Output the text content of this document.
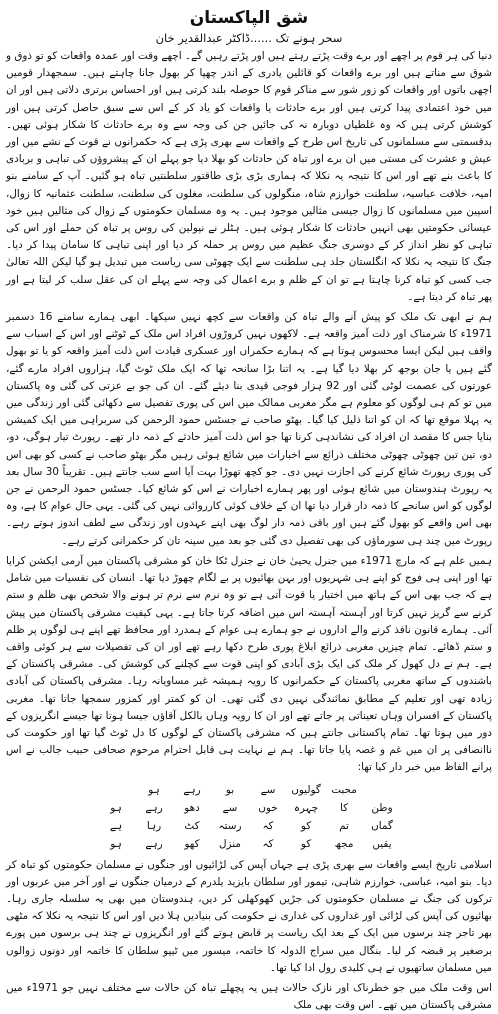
شق الپاکستان
سحر ہونے تک ......ڈاکٹر عبدالقدیر خان

دنیا کی ہر قوم پر اچھے اور برے وقت پڑتے رہتے ہیں اور پڑتے رہیں گے۔ اچھے وقت اور عمدہ واقعات کو تو ذوق و شوق سے مناتے ہیں اور برے واقعات کو قائلین یادری کے اندر چھپا کر بھول جانا چاہتے ہیں۔ سمجھدار قومیں اچھی باتوں اور واقعات کو زور شور سے مناکر قوم کا حوصلہ بلند کرتی ہیں اور احساس برتری دلاتی ہیں اور ان میں خود اعتمادی پیدا کرتی ہیں اور برے حادثات یا واقعات کو یاد کر کے اس سے سبق حاصل کرتی ہیں اور کوشش کرتی ہیں کہ وہ غلطیاں دوبارہ نہ کی جائیں جن کی وجہ سے وہ برے حادثات کا شکار ہوئی تھیں۔ بدقسمتی سے مسلمانوں کی تاریخ اس طرح کے واقعات سے بھری پڑی ہے کہ حکمرانوں نے قوت کے نشے میں اور عیش و عشرت کی مستی میں ان برے اور تباہ کن حادثات کو بھلا دیا جو پہلے ان کے پیشروؤں کی تباہی و بربادی کا باعث بنے تھے اور اس کا نتیجہ یہ نکلا کہ ہماری بڑی بڑی طاقتور سلطنتیں تباہ ہو گئیں۔ آپ کے سامنے بنو امیہ، خلافت عباسیہ، سلطنت خوارزم شاہ، منگولوں کی سلطنت، مغلوں کی سلطنت، سلطنت عثمانیہ کا زوال، اسپین میں مسلمانوں کا زوال جیسی مثالیں موجود ہیں۔ یہ وہ مسلمان حکومتوں کے زوال کی مثالیں ہیں خود عیسائی حکومتیں بھی انہیں حادثات کا شکار ہوئی ہیں۔ ہٹلر نے نپولین کی روس پر تباہ کن حملے اور اس کی تباہی کو نظر انداز کر کے دوسری جنگ عظیم میں روس پر حملہ کر دیا اور اپنی تباہی کا سامان پیدا کر دیا۔ جنگ کا نتیجہ یہ نکلا کہ انگلستان جلد ہی سلطنت سے ایک چھوٹی سی ریاست میں تبدیل ہو گیا لیکن اللہ تعالیٰ جب کسی کو تباہ کرنا چاہتا ہے تو ان کے ظلم و برے اعمال کی وجہ سے پہلے ان کی عقل سلب کر لیتا ہے اور پھر تباہ کر دیتا ہے۔

ہم نے ابھی تک ملک کو پیش آنے والے تباہ کن واقعات سے کچھ نہیں سیکھا۔ ابھی ہمارے سامنے 16 دسمبر 1971ء کا شرمناک اور ذلت آمیز واقعہ ہے۔ لاکھوں نہیں کروڑوں افراد اس ملک کے ٹوٹنے اور اس کے اسباب سے واقف ہیں لیکن ایسا محسوس ہوتا ہے کہ ہمارے حکمراں اور عسکری قیادت اس ذلت آمیز واقعہ کو یا تو بھول گئے ہیں یا جان بوجھ کر بھلا دیا گیا ہے۔ یہ اتنا بڑا سانحہ تھا کہ ایک ملک ٹوٹ گیا، ہزاروں افراد مارے گئے، عورتوں کی عصمت لوٹی گئی اور 92 ہزار فوجی قیدی بنا دیئے گئے۔ ان کی جو بے عزتی کی گئی وہ پاکستان میں تو کم ہی لوگوں کو معلوم ہے مگر مغربی ممالک میں اس کی پوری تفصیل سے دکھائی گئی اور زندگی میں یہ پہلا موقع تھا کہ ان کو اتنا ذلیل کیا گیا۔ بھٹو صاحب نے جسٹس حمود الرحمن کی سربراہی میں ایک کمیشن بنایا جس کا مقصد ان افراد کی نشاندہی کرنا تھا جو اس ذلت آمیز حادثے کے ذمہ دار تھے۔ رپورٹ تیار ہوگی، دو، دو، تین تین چھوٹی چھوٹی مختلف ذرائع سے اخبارات میں شائع ہوئی رہیں مگر بھٹو صاحب نے کسی کو بھی اس کی پوری رپورٹ شائع کرنے کی اجازت نہیں دی۔ جو کچھ تھوڑا بہت آیا اسے سب جانتے ہیں۔ تقریباً 30 سال بعد یہ رپورٹ ہندوستان میں شائع ہوئی اور پھر ہمارے اخبارات نے اس کو شائع کیا۔ جسٹس حمود الرحمن نے جن لوگوں کو اس سانحے کا ذمہ دار قرار دیا تھا ان کے خلاف کوئی کارروائی نہیں کی گئی۔ یہی حال عوام کا ہے، وہ بھی اس واقعے کو بھول گئے ہیں اور باقی ذمہ دار لوگ بھی اپنے عہدوں اور زندگی سے لطف اندوز ہوتے رہے۔ رپورٹ میں چند ہی سورماؤں کی بھی تفصیل دی گئی جو بعد میں سینہ تان کر حکمرانی کرتے رہے۔

ہمیں علم ہے کہ مارچ 1971ء میں جنرل یحییٰ خان نے جنرل ٹکا خان کو مشرقی پاکستان میں آرمی ایکشن کرایا تھا اور اپنی ہی فوج کو اپنے ہی شہریوں اور بہن بھائیوں پر بے لگام چھوڑ دیا تھا۔ انسان کی نفسیات میں شامل ہے کہ جب بھی اس کے ہاتھ میں اختیار یا قوت آتی ہے تو وہ نرم سے نرم تر ہونے والا شخص بھی ظلم و ستم کرنے سے گریز نہیں کرتا اور آہستہ آہستہ اس میں اضافہ کرتا جاتا ہے۔ یہی کیفیت مشرقی پاکستان میں پیش آئی۔ ہمارے قانون نافذ کرنے والے اداروں نے جو ہمارے ہی عوام کے ہمدرد اور محافظ تھے اپنے ہی لوگوں پر ظلم و ستم ڈھائے۔ تمام چیزیں مغربی ذرائع ابلاغ پوری طرح دکھا رہے تھے اور ان کی تفصیلات سے ہر کوئی واقف ہے۔ ہم نے دل کھول کر ملک کی ایک بڑی آبادی کو اپنی قوت سے کچلنے کی کوشش کی۔ مشرقی پاکستان کے باشندوں کے ساتھ مغربی پاکستان کے حکمرانوں کا رویہ ہمیشہ غیر مساویانہ رہا۔ مشرقی پاکستان کی آبادی زیادہ تھی اور تعلیم کے مطابق نمائندگی نہیں دی گئی تھی۔ ان کو کمتر اور کمزور سمجھا جاتا تھا۔ مغربی پاکستان کے افسران وہاں تعیناتی پر جاتے تھے اور ان کا رویہ وہاں بالکل آقاؤں جیسا ہوتا تھا جیسے انگریزوں کے دور میں ہوتا تھا۔ تمام پاکستانی جانتے ہیں کہ مشرقی پاکستان کے لوگوں کا دل ٹوٹ گیا تھا اور حکومت کی ناانصافی پر ان میں غم و غصہ پایا جاتا تھا۔ ہم نے نہایت ہی قابل احترام مرحوم صحافی حبیب جالب نے اس پرانے الفاظ میں خبر دار کیا تھا:

محبت
گولیوں
سے
بو
رہے
ہو
وطن
کا
چہرہ
خوں
سے
دھو
رہے
ہو
گماں
تم
کو
کہ
رستہ
کٹ
رہا
ہے
یقیں
مجھ
کو
کہ
منزل
کھو
رہے
ہو

اسلامی تاریخ ایسے واقعات سے بھری پڑی ہے جہاں آپس کی لڑائیوں اور جنگوں نے مسلمان حکومتوں کو تباہ کر دیا۔ بنو امیہ، عباسی، خوارزم شاہی، تیمور اور سلطان بایزید یلدرم کے درمیان جنگوں نے اور آخر میں عربوں اور ترکوں کی جنگ نے مسلمان حکومتوں کی جڑیں کھوکھلی کر دیں، ہندوستان میں بھی یہ سلسلہ جاری رہا۔ بھائیوں کی آپس کی لڑائی اور غداروں کی غداری نے حکومت کی بنیادیں ہلا دیں اور اس کا نتیجہ یہ نکلا کہ مٹھی بھر تاجر چند برسوں میں ایک کے بعد ایک ریاست پر قابض ہوتے گئے اور انگریزوں نے چند ہی برسوں میں پورے برصغیر پر قبضہ کر لیا۔ بنگال میں سراج الدولہ کا خاتمہ، میسور میں ٹیپو سلطان کا خاتمہ اور دونوں زوالوں میں مسلمان ساتھیوں نے ہی کلیدی رول ادا کیا تھا۔

اس وقت ملک میں جو خطرناک اور نازک حالات ہیں یہ پچھلے تباہ کن حالات سے مختلف نہیں جو 1971ء میں مشرقی پاکستان میں تھے۔ اس وقت بھی ملک
